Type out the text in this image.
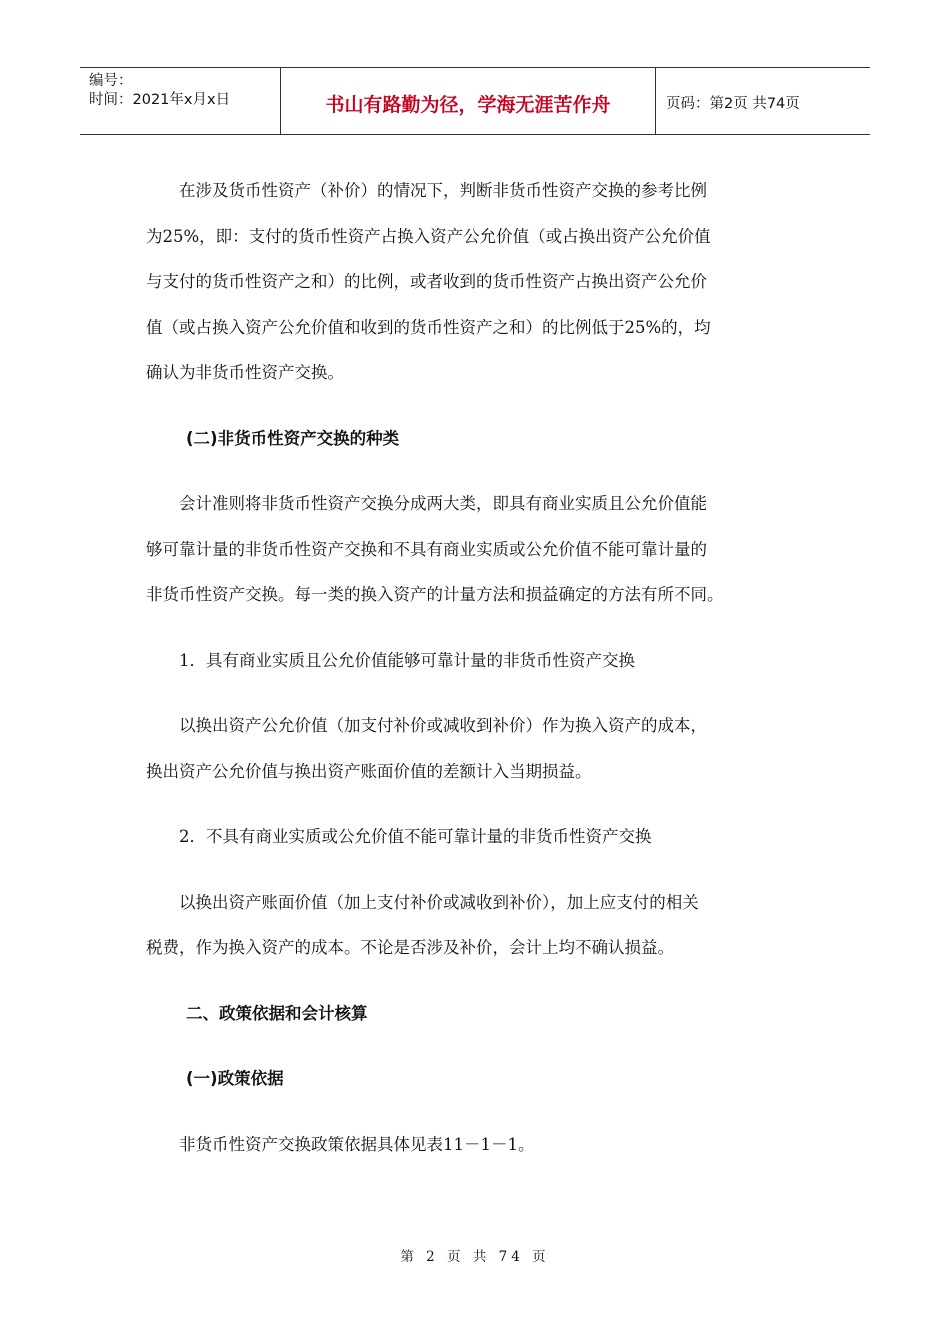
编号：
时间：2021年x月x日	书山有路勤为径，学海无涯苦作舟	页码：第2页 共74页
在涉及货币性资产（补价）的情况下，判断非货币性资产交换的参考比例
为25%，即：支付的货币性资产占换入资产公允价值（或占换出资产公允价值
与支付的货币性资产之和）的比例，或者收到的货币性资产占换出资产公允价
值（或占换入资产公允价值和收到的货币性资产之和）的比例低于25%的，均
确认为非货币性资产交换。
(二)非货币性资产交换的种类
会计准则将非货币性资产交换分成两大类，即具有商业实质且公允价值能
够可靠计量的非货币性资产交换和不具有商业实质或公允价值不能可靠计量的
非货币性资产交换。每一类的换入资产的计量方法和损益确定的方法有所不同。
1．具有商业实质且公允价值能够可靠计量的非货币性资产交换
以换出资产公允价值（加支付补价或减收到补价）作为换入资产的成本，
换出资产公允价值与换出资产账面价值的差额计入当期损益。
2．不具有商业实质或公允价值不能可靠计量的非货币性资产交换
以换出资产账面价值（加上支付补价或减收到补价），加上应支付的相关
税费，作为换入资产的成本。不论是否涉及补价，会计上均不确认损益。
二、政策依据和会计核算
(一)政策依据
非货币性资产交换政策依据具体见表11－1－1。
第 2 页 共 74 页
